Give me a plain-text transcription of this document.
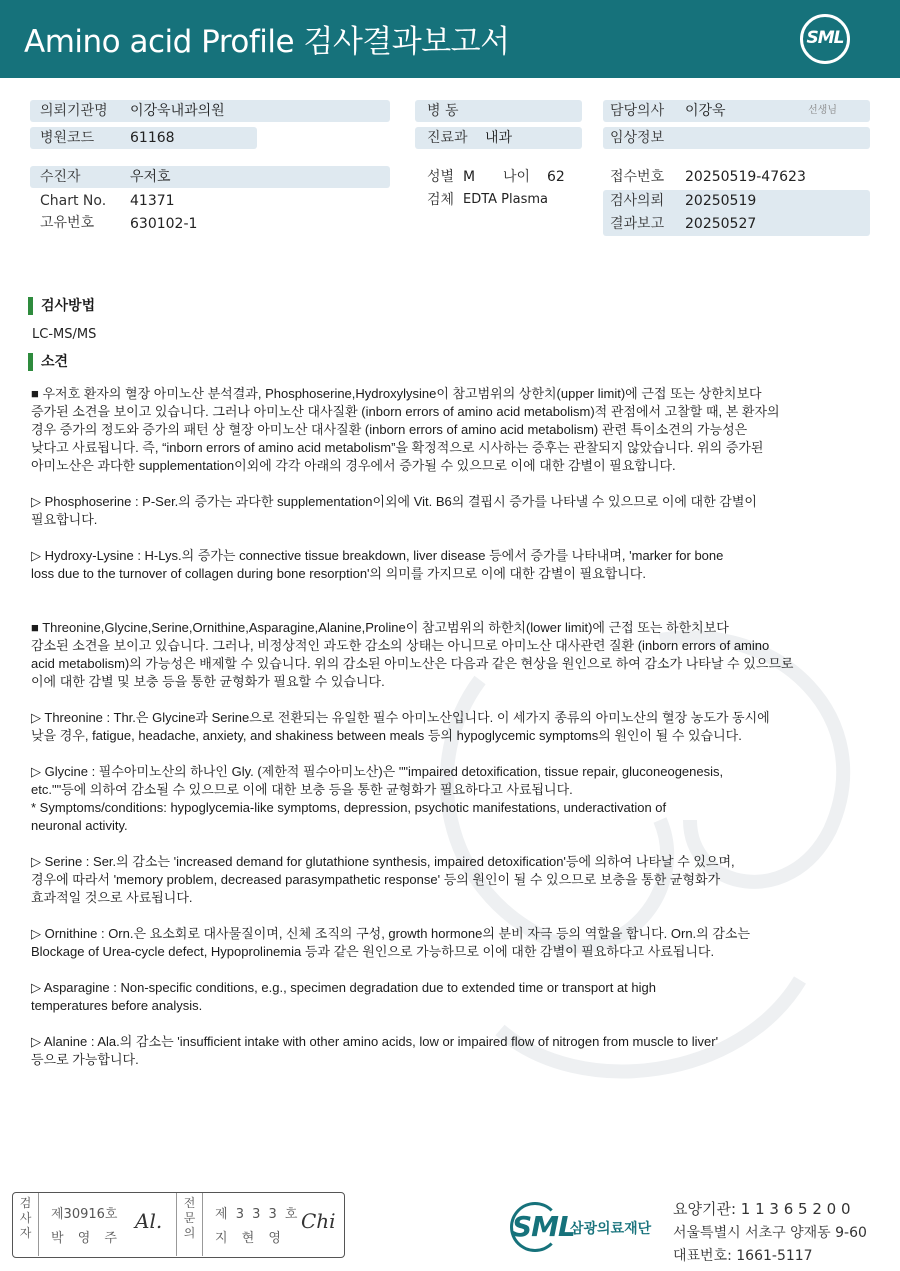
Amino acid Profile 검사결과보고서	SML
의뢰기관명 이강욱내과의원
병원코드	61168
수진자	우저호
Chart No. 41371
고유번호	630102-1
병 동
진료과 내과
성별 M 나이 62
검체 EDTA Plasma
담당의사 이강욱	선생님
임상정보
접수번호 20250519-47623
검사의뢰 20250519
결과보고 20250527
검사방법
LC-MS/MS
소견

■ 우저호 환자의 혈장 아미노산 분석결과, Phosphoserine,Hydroxylysine이 참고범위의 상한치(upper limit)에 근접 또는 상한치보다
증가된 소견을 보이고 있습니다. 그러나 아미노산 대사질환 (inborn errors of amino acid metabolism)적 관점에서 고찰할 때, 본 환자의
경우 증가의 정도와 증가의 패턴 상 혈장 아미노산 대사질환 (inborn errors of amino acid metabolism) 관련 특이소견의 가능성은
낮다고 사료됩니다. 즉, “inborn errors of amino acid metabolism”을 확정적으로 시사하는 증후는 관찰되지 않았습니다. 위의 증가된
아미노산은 과다한 supplementation이외에 각각 아래의 경우에서 증가될 수 있으므로 이에 대한 감별이 필요합니다.

▷ Phosphoserine : P-Ser.의 증가는 과다한 supplementation이외에 Vit. B6의 결핍시 증가를 나타낼 수 있으므로 이에 대한 감별이
필요합니다.

▷ Hydroxy-Lysine : H-Lys.의 증가는 connective tissue breakdown, liver disease 등에서 증가를 나타내며, 'marker for bone
loss due to the turnover of collagen during bone resorption'의 의미를 가지므로 이에 대한 감별이 필요합니다.

■ Threonine,Glycine,Serine,Ornithine,Asparagine,Alanine,Proline이 참고범위의 하한치(lower limit)에 근접 또는 하한치보다
감소된 소견을 보이고 있습니다. 그러나, 비정상적인 과도한 감소의 상태는 아니므로 아미노산 대사관련 질환 (inborn errors of amino
acid metabolism)의 가능성은 배제할 수 있습니다. 위의 감소된 아미노산은 다음과 같은 현상을 원인으로 하여 감소가 나타날 수 있으므로
이에 대한 감별 및 보충 등을 통한 균형화가 필요할 수 있습니다.

▷ Threonine : Thr.은 Glycine과 Serine으로 전환되는 유일한 필수 아미노산입니다. 이 세가지 종류의 아미노산의 혈장 농도가 동시에
낮을 경우, fatigue, headache, anxiety, and shakiness between meals 등의 hypoglycemic symptoms의 원인이 될 수 있습니다.

▷ Glycine : 필수아미노산의 하나인 Gly. (제한적 필수아미노산)은 ""impaired detoxification, tissue repair, gluconeogenesis,
etc.""등에 의하여 감소될 수 있으므로 이에 대한 보충 등을 통한 균형화가 필요하다고 사료됩니다.
* Symptoms/conditions: hypoglycemia-like symptoms, depression, psychotic manifestations, underactivation of
neuronal activity.

▷ Serine : Ser.의 감소는 'increased demand for glutathione synthesis, impaired detoxification'등에 의하여 나타날 수 있으며,
경우에 따라서 'memory problem, decreased parasympathetic response' 등의 원인이 될 수 있으므로 보충을 통한 균형화가
효과적일 것으로 사료됩니다.

▷ Ornithine : Orn.은 요소회로 대사물질이며, 신체 조직의 구성, growth hormone의 분비 자극 등의 역할을 합니다. Orn.의 감소는
Blockage of Urea-cycle defect, Hypoprolinemia 등과 같은 원인으로 가능하므로 이에 대한 감별이 필요하다고 사료됩니다.

▷ Asparagine : Non-specific conditions, e.g., specimen degradation due to extended time or transport at high
temperatures before analysis.

▷ Alanine : Ala.의 감소는 'insufficient intake with other amino acids, low or impaired flow of nitrogen from muscle to liver'
등으로 가능합니다.

검
사
자
제30916호
박 영 주
Al.
전
문
의
제 3 3 3 호
지 현 영
Chi	SML
삼광의료재단
요양기관: 1 1 3 6 5 2 0 0
서울특별시 서초구 양재동 9-60
대표번호: 1661-5117
